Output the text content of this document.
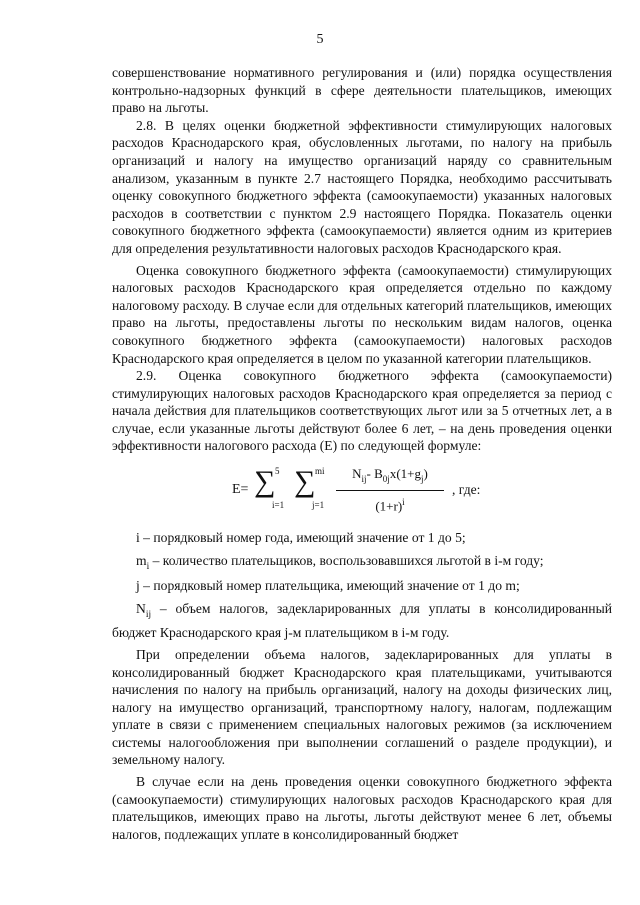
5

совершенствование нормативного регулирования и (или) порядка осуществления контрольно-надзорных функций в сфере деятельности плательщиков, имеющих право на льготы.

2.8. В целях оценки бюджетной эффективности стимулирующих налоговых расходов Краснодарского края, обусловленных льготами, по налогу на прибыль организаций и налогу на имущество организаций наряду со сравнительным анализом, указанным в пункте 2.7 настоящего Порядка, необходимо рассчитывать оценку совокупного бюджетного эффекта (самоокупаемости) указанных налоговых расходов в соответствии с пунктом 2.9 настоящего Порядка. Показатель оценки совокупного бюджетного эффекта (самоокупаемости) является одним из критериев для определения результативности налоговых расходов Краснодарского края.

Оценка совокупного бюджетного эффекта (самоокупаемости) стимулирующих налоговых расходов Краснодарского края определяется отдельно по каждому налоговому расходу. В случае если для отдельных категорий плательщиков, имеющих право на льготы, предоставлены льготы по нескольким видам налогов, оценка совокупного бюджетного эффекта (самоокупаемости) налоговых расходов Краснодарского края определяется в целом по указанной категории плательщиков.

2.9. Оценка совокупного бюджетного эффекта (самоокупаемости) стимулирующих налоговых расходов Краснодарского края определяется за период с начала действия для плательщиков соответствующих льгот или за 5 отчетных лет, а в случае, если указанные льготы действуют более 6 лет, – на день проведения оценки эффективности налогового расхода (E) по следующей формуле:

E= ∑ 5
i=1
∑ mi
j=1
$N_{ij}-$ $B_{0j}x(1+g_j)$
$(1+r)^i$
, где:

i – порядковый номер года, имеющий значение от 1 до 5;

$m_i$ – количество плательщиков, воспользовавшихся льготой в i-м году;

j – порядковый номер плательщика, имеющий значение от 1 до m;

$N_{ij}$ – объем налогов, задекларированных для уплаты в консолидированный бюджет Краснодарского края j-м плательщиком в i-м году.

При определении объема налогов, задекларированных для уплаты в консолидированный бюджет Краснодарского края плательщиками, учитываются начисления по налогу на прибыль организаций, налогу на доходы физических лиц, налогу на имущество организаций, транспортному налогу, налогам, подлежащим уплате в связи с применением специальных налоговых режимов (за исключением системы налогообложения при выполнении соглашений о разделе продукции), и земельному налогу.

В случае если на день проведения оценки совокупного бюджетного эффекта (самоокупаемости) стимулирующих налоговых расходов Краснодарского края для плательщиков, имеющих право на льготы, льготы действуют менее 6 лет, объемы налогов, подлежащих уплате в консолидированный бюджет
